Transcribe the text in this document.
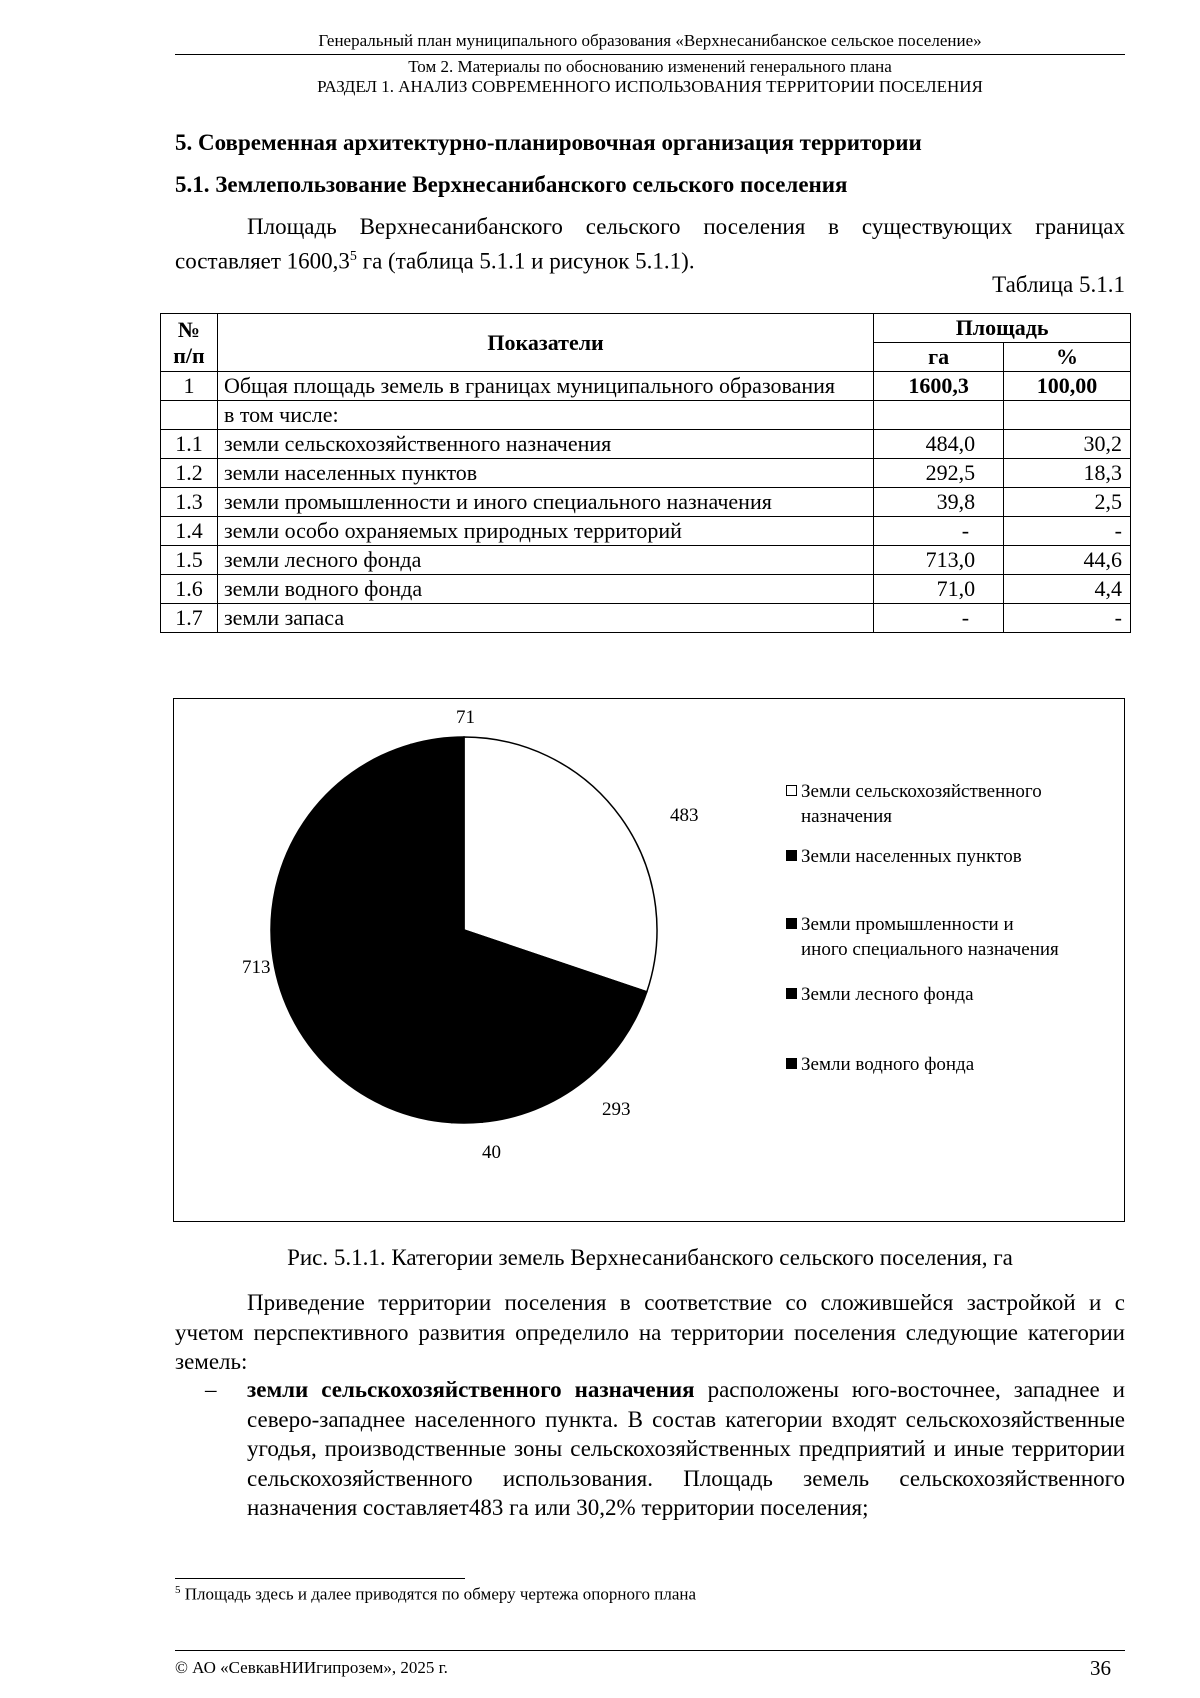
Генеральный план муниципального образования «Верхнесанибанское сельское поселение»
Том 2. Материалы по обоснованию изменений генерального плана
РАЗДЕЛ 1. АНАЛИЗ СОВРЕМЕННОГО ИСПОЛЬЗОВАНИЯ ТЕРРИТОРИИ ПОСЕЛЕНИЯ
5. Современная архитектурно-планировочная организация территории
5.1. Землепользование Верхнесанибанского сельского поселения
Площадь Верхнесанибанского сельского поселения в существующих границах составляет 1600,3$^5$ га (таблица 5.1.1 и рисунок 5.1.1).
Таблица 5.1.1
№ п/п	Показатели	Площадь	
		га	%
1	Общая площадь земель в границах муниципального образования	1600,3	100,00
	в том числе:		
1.1	земли сельскохозяйственного назначения	484,0	30,2
1.2	земли населенных пунктов	292,5	18,3
1.3	земли промышленности и иного специального назначения	39,8	2,5
1.4	земли особо охраняемых природных территорий	-	-
1.5	земли лесного фонда	713,0	44,6
1.6	земли водного фонда	71,0	4,4
1.7	земли запаса	-	-
71
483
713
293
40
Земли сельскохозяйственного
назначения
Земли населенных пунктов
Земли промышленности и
иного специального назначения
Земли лесного фонда
Земли водного фонда
Рис. 5.1.1. Категории земель Верхнесанибанского сельского поселения, га
Приведение территории поселения в соответствие со сложившейся застройкой и с учетом перспективного развития определило на территории поселения следующие категории земель:
– земли сельскохозяйственного назначения расположены юго-восточнее, западнее и северо-западнее населенного пункта. В состав категории входят сельскохозяйственные угодья, производственные зоны сельскохозяйственных предприятий и иные территории сельскохозяйственного использования. Площадь земель сельскохозяйственного назначения составляет483 га или 30,2% территории поселения;
$^5$ Площадь здесь и далее приводятся по обмеру чертежа опорного плана
© АО «СевкавНИИгипрозем», 2025 г.	36
